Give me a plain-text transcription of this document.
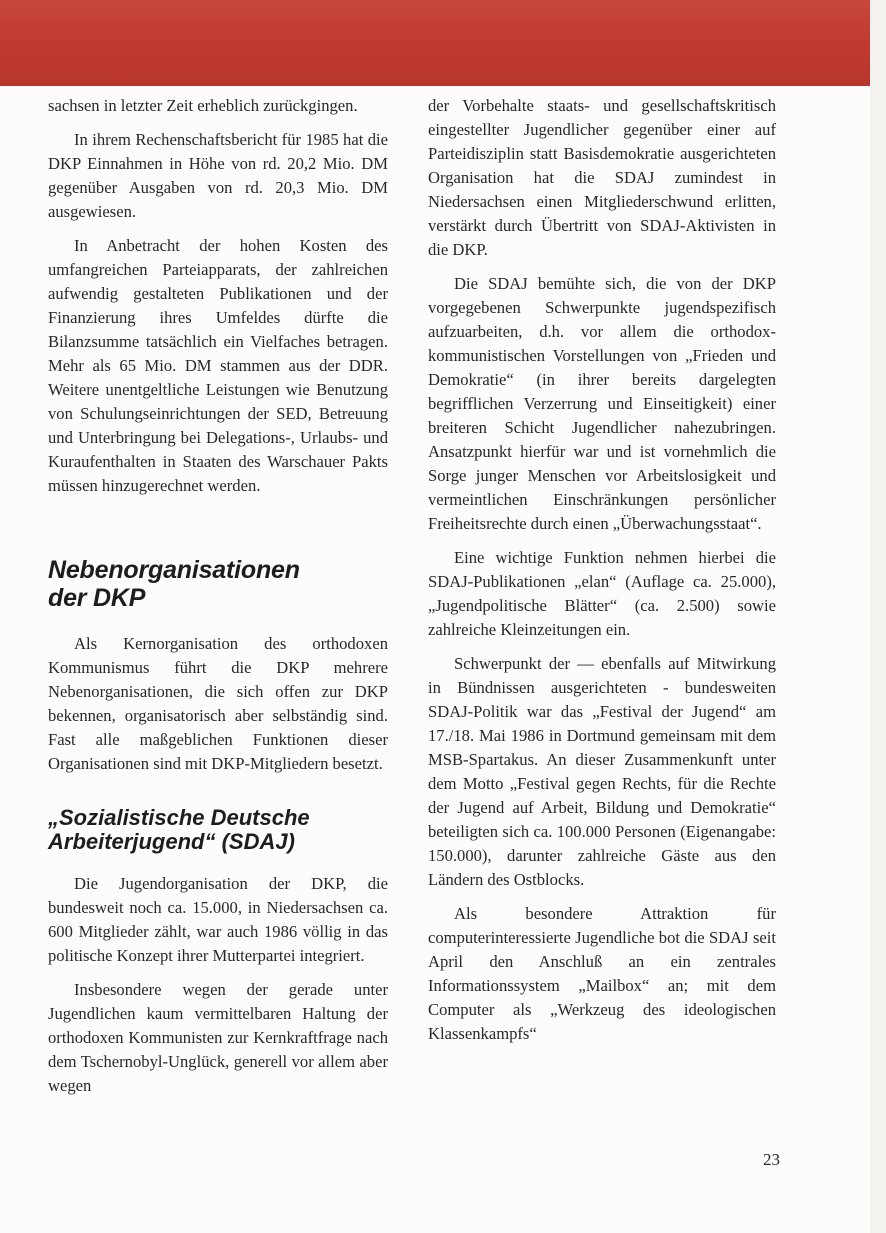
sachsen in letzter Zeit erheblich zurückgingen.

In ihrem Rechenschaftsbericht für 1985 hat die DKP Einnahmen in Höhe von rd. 20,2 Mio. DM gegenüber Ausgaben von rd. 20,3 Mio. DM ausgewiesen.

In Anbetracht der hohen Kosten des umfangreichen Parteiapparats, der zahlreichen aufwendig gestalteten Publikationen und der Finanzierung ihres Umfeldes dürfte die Bilanzsumme tatsächlich ein Vielfaches betragen. Mehr als 65 Mio. DM stammen aus der DDR. Weitere unentgeltliche Leistungen wie Benutzung von Schulungseinrichtungen der SED, Betreuung und Unterbringung bei Delegations-, Urlaubs- und Kuraufenthalten in Staaten des Warschauer Pakts müssen hinzugerechnet werden.

Nebenorganisationen
der DKP

Als Kernorganisation des orthodoxen Kommunismus führt die DKP mehrere Nebenorganisationen, die sich offen zur DKP bekennen, organisatorisch aber selbständig sind. Fast alle maßgeblichen Funktionen dieser Organisationen sind mit DKP-Mitgliedern besetzt.

„Sozialistische Deutsche
Arbeiterjugend“ (SDAJ)

Die Jugendorganisation der DKP, die bundesweit noch ca. 15.000, in Niedersachsen ca. 600 Mitglieder zählt, war auch 1986 völlig in das politische Konzept ihrer Mutterpartei integriert.

Insbesondere wegen der gerade unter Jugendlichen kaum vermittelbaren Haltung der orthodoxen Kommunisten zur Kernkraftfrage nach dem Tschernobyl-Unglück, generell vor allem aber wegen

der Vorbehalte staats- und gesellschaftskritisch eingestellter Jugendlicher gegenüber einer auf Parteidisziplin statt Basisdemokratie ausgerichteten Organisation hat die SDAJ zumindest in Niedersachsen einen Mitgliederschwund erlitten, verstärkt durch Übertritt von SDAJ-Aktivisten in die DKP.

Die SDAJ bemühte sich, die von der DKP vorgegebenen Schwerpunkte jugendspezifisch aufzuarbeiten, d.h. vor allem die orthodox-kommunistischen Vorstellungen von „Frieden und Demokratie“ (in ihrer bereits dargelegten begrifflichen Verzerrung und Einseitigkeit) einer breiteren Schicht Jugendlicher nahezubringen. Ansatzpunkt hierfür war und ist vornehmlich die Sorge junger Menschen vor Arbeitslosigkeit und vermeintlichen Einschränkungen persönlicher Freiheitsrechte durch einen „Überwachungsstaat“.

Eine wichtige Funktion nehmen hierbei die SDAJ-Publikationen „elan“ (Auflage ca. 25.000), „Jugendpolitische Blätter“ (ca. 2.500) sowie zahlreiche Kleinzeitungen ein.

Schwerpunkt der — ebenfalls auf Mitwirkung in Bündnissen ausgerichteten - bundesweiten SDAJ-Politik war das „Festival der Jugend“ am 17./18. Mai 1986 in Dortmund gemeinsam mit dem MSB-Spartakus. An dieser Zusammenkunft unter dem Motto „Festival gegen Rechts, für die Rechte der Jugend auf Arbeit, Bildung und Demokratie“ beteiligten sich ca. 100.000 Personen (Eigenangabe: 150.000), darunter zahlreiche Gäste aus den Ländern des Ostblocks.

Als besondere Attraktion für computerinteressierte Jugendliche bot die SDAJ seit April den Anschluß an ein zentrales Informationssystem „Mailbox“ an; mit dem Computer als „Werkzeug des ideologischen Klassenkampfs“

23
